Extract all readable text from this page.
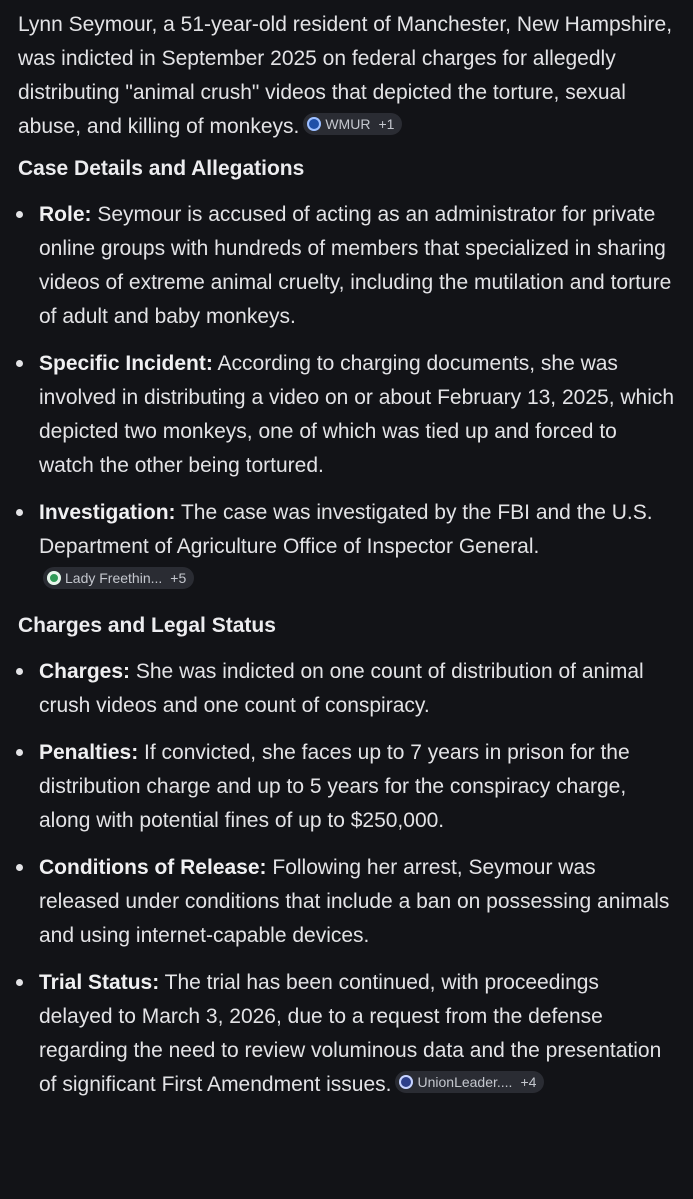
Lynn Seymour, a 51-year-old resident of Manchester, New Hampshire, was indicted in September 2025 on federal charges for allegedly distributing "animal crush" videos that depicted the torture, sexual abuse, and killing of monkeys. WMUR +1

Case Details and Allegations
Role: Seymour is accused of acting as an administrator for private online groups with hundreds of members that specialized in sharing videos of extreme animal cruelty, including the mutilation and torture of adult and baby monkeys.
Specific Incident: According to charging documents, she was involved in distributing a video on or about February 13, 2025, which depicted two monkeys, one of which was tied up and forced to watch the other being tortured.
Investigation: The case was investigated by the FBI and the U.S. Department of Agriculture Office of Inspector General.
Lady Freethin... +5
Charges and Legal Status
Charges: She was indicted on one count of distribution of animal crush videos and one count of conspiracy.
Penalties: If convicted, she faces up to 7 years in prison for the distribution charge and up to 5 years for the conspiracy charge, along with potential fines of up to $250,000.
Conditions of Release: Following her arrest, Seymour was released under conditions that include a ban on possessing animals and using internet-capable devices.
Trial Status: The trial has been continued, with proceedings delayed to March 3, 2026, due to a request from the defense regarding the need to review voluminous data and the presentation of significant First Amendment issues. UnionLeader.... +4
